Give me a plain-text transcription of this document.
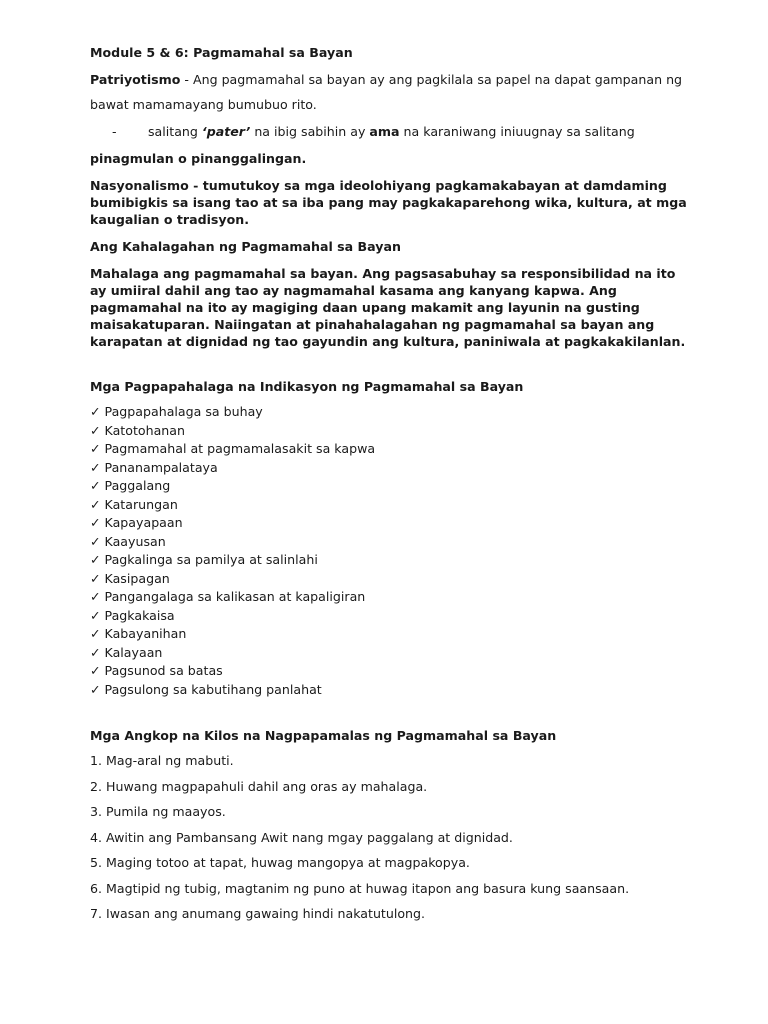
Module 5 & 6: Pagmamahal sa Bayan

Patriyotismo - Ang pagmamahal sa bayan ay ang pagkilala sa papel na dapat gampanan ng

bawat mamamayang bumubuo rito.

-	salitang ‘pater’ na ibig sabihin ay ama na karaniwang iniuugnay sa salitang

pinagmulan o pinanggalingan.

Nasyonalismo - tumutukoy sa mga ideolohiyang pagkamakabayan at damdaming bumibigkis sa isang tao at sa iba pang may pagkakaparehong wika, kultura, at mga kaugalian o tradisyon.

Ang Kahalagahan ng Pagmamahal sa Bayan

Mahalaga ang pagmamahal sa bayan. Ang pagsasabuhay sa responsibilidad na ito ay umiiral dahil ang tao ay nagmamahal kasama ang kanyang kapwa. Ang pagmamahal na ito ay magiging daan upang makamit ang layunin na gusting maisakatuparan. Naiingatan at pinahahalagahan ng pagmamahal sa bayan ang karapatan at dignidad ng tao gayundin ang kultura, paniniwala at pagkakakilanlan.

Mga Pagpapahalaga na Indikasyon ng Pagmamahal sa Bayan

✓ Pagpapahalaga sa buhay
✓ Katotohanan
✓ Pagmamahal at pagmamalasakit sa kapwa
✓ Pananampalataya
✓ Paggalang
✓ Katarungan
✓ Kapayapaan
✓ Kaayusan
✓ Pagkalinga sa pamilya at salinlahi
✓ Kasipagan
✓ Pangangalaga sa kalikasan at kapaligiran
✓ Pagkakaisa
✓ Kabayanihan
✓ Kalayaan
✓ Pagsunod sa batas
✓ Pagsulong sa kabutihang panlahat

Mga Angkop na Kilos na Nagpapamalas ng Pagmamahal sa Bayan

1. Mag-aral ng mabuti.
2. Huwang magpapahuli dahil ang oras ay mahalaga.
3. Pumila ng maayos.
4. Awitin ang Pambansang Awit nang mgay paggalang at dignidad.
5. Maging totoo at tapat, huwag mangopya at magpakopya.
6. Magtipid ng tubig, magtanim ng puno at huwag itapon ang basura kung saansaan.
7. Iwasan ang anumang gawaing hindi nakatutulong.
